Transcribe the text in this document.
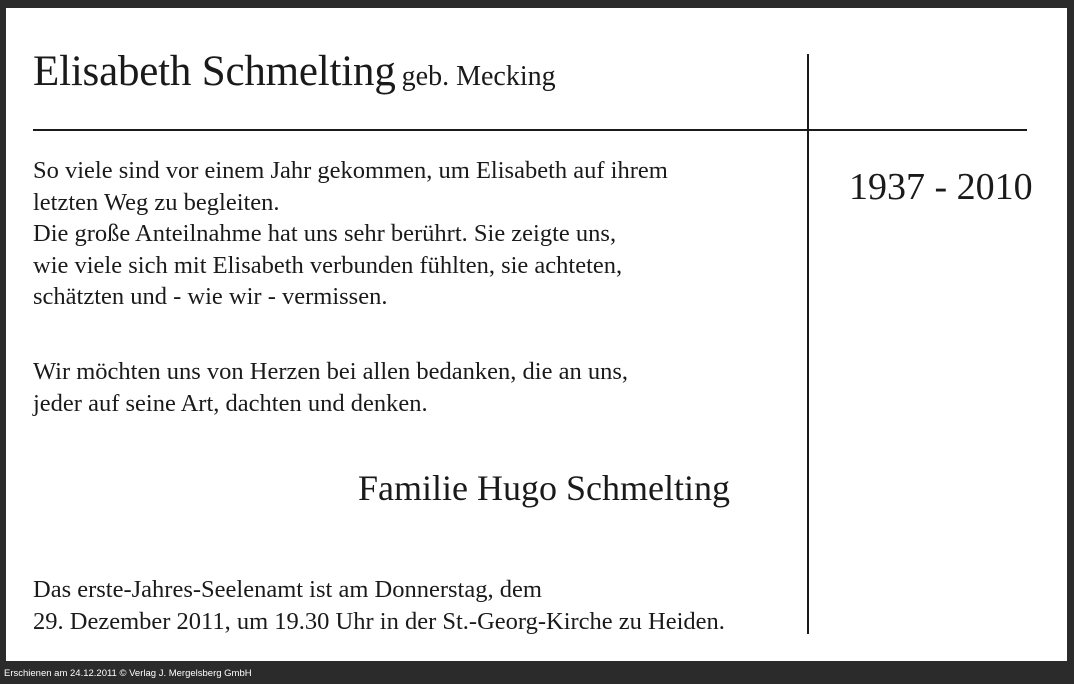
Elisabeth Schmelting geb. Mecking
1937 - 2010

So viele sind vor einem Jahr gekommen, um Elisabeth auf ihrem
letzten Weg zu begleiten.
Die große Anteilnahme hat uns sehr berührt. Sie zeigte uns,
wie viele sich mit Elisabeth verbunden fühlten, sie achteten,
schätzten und - wie wir - vermissen.

Wir möchten uns von Herzen bei allen bedanken, die an uns,
jeder auf seine Art, dachten und denken.

Familie Hugo Schmelting

Das erste-Jahres-Seelenamt ist am Donnerstag, dem
29. Dezember 2011, um 19.30 Uhr in der St.-Georg-Kirche zu Heiden.

Erschienen am 24.12.2011 © Verlag J. Mergelsberg GmbH
